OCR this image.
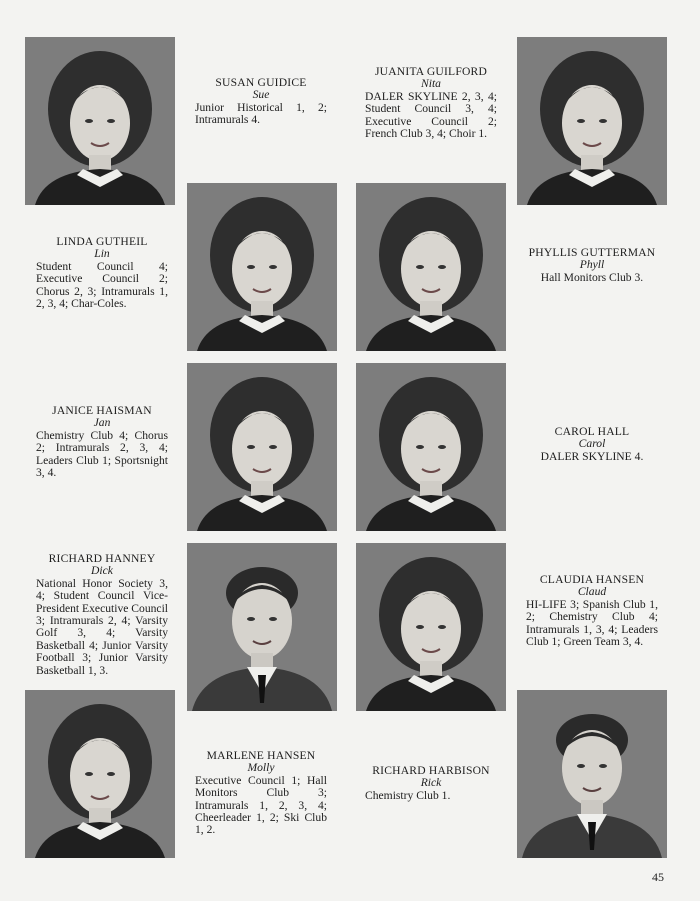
SUSAN GUIDICE
Sue
Junior Historical 1, 2; Intramurals 4.
JUANITA GUILFORD
Nita
DALER SKYLINE 2, 3, 4; Student Council 3, 4; Executive Council 2; French Club 3, 4; Choir 1.
LINDA GUTHEIL
Lin
Student Council 4; Executive Council 2; Chorus 2, 3; Intramurals 1, 2, 3, 4; Char-Coles.
PHYLLIS GUTTERMAN
Phyll
Hall Monitors Club 3.
JANICE HAISMAN
Jan
Chemistry Club 4; Chorus 2; Intramurals 2, 3, 4; Leaders Club 1; Sportsnight 3, 4.
CAROL HALL
Carol
DALER SKYLINE 4.
RICHARD HANNEY
Dick
National Honor Society 3, 4; Student Council Vice-President Executive Council 3; Intramurals 2, 4; Varsity Golf 3, 4; Varsity Basketball 4; Junior Varsity Football 3; Junior Varsity Basketball 1, 3.
CLAUDIA HANSEN
Claud
HI-LIFE 3; Spanish Club 1, 2; Chemistry Club 4; Intramurals 1, 3, 4; Leaders Club 1; Green Team 3, 4.
MARLENE HANSEN
Molly
Executive Council 1; Hall Monitors Club 3; Intramurals 1, 2, 3, 4; Cheerleader 1, 2; Ski Club 1, 2.
RICHARD HARBISON
Rick
Chemistry Club 1.
45
